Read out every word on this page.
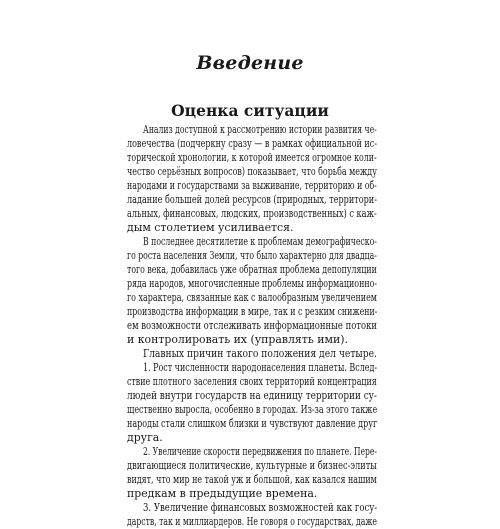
Введение
Оценка ситуации
Анализ доступной к рассмотрению истории развития че-
ловечества (подчеркну сразу — в рамках официальной ис-
торической хронологии, к которой имеется огромное коли-
чество серьёзных вопросов) показывает, что борьба между
народами и государствами за выживание, территорию и об-
ладание большей долей ресурсов (природных, территори-
альных, финансовых, людских, производственных) с каж-
дым столетием усиливается.
В последнее десятилетие к проблемам демографическо-
го роста населения Земли, что было характерно для двадца-
того века, добавилась уже обратная проблема депопуляции
ряда народов, многочисленные проблемы информационно-
го характера, связанные как с валообразным увеличением
производства информации в мире, так и с резким снижени-
ем возможности отслеживать информационные потоки
и контролировать их (управлять ими).
Главных причин такого положения дел четыре.
1. Рост численности народонаселения планеты. Вслед-
ствие плотного заселения своих территорий концентрация
людей внутри государств на единицу территории су-
щественно выросла, особенно в городах. Из-за этого также
народы стали слишком близки и чувствуют давление друг
друга.
2. Увеличение скорости передвижения по планете. Пере-
двигающиеся политические, культурные и бизнес-элиты
видят, что мир не такой уж и большой, как казался нашим
предкам в предыдущие времена.
3. Увеличение финансовых возможностей как госу-
дарств, так и миллиардеров. Не говоря о государствах, даже
